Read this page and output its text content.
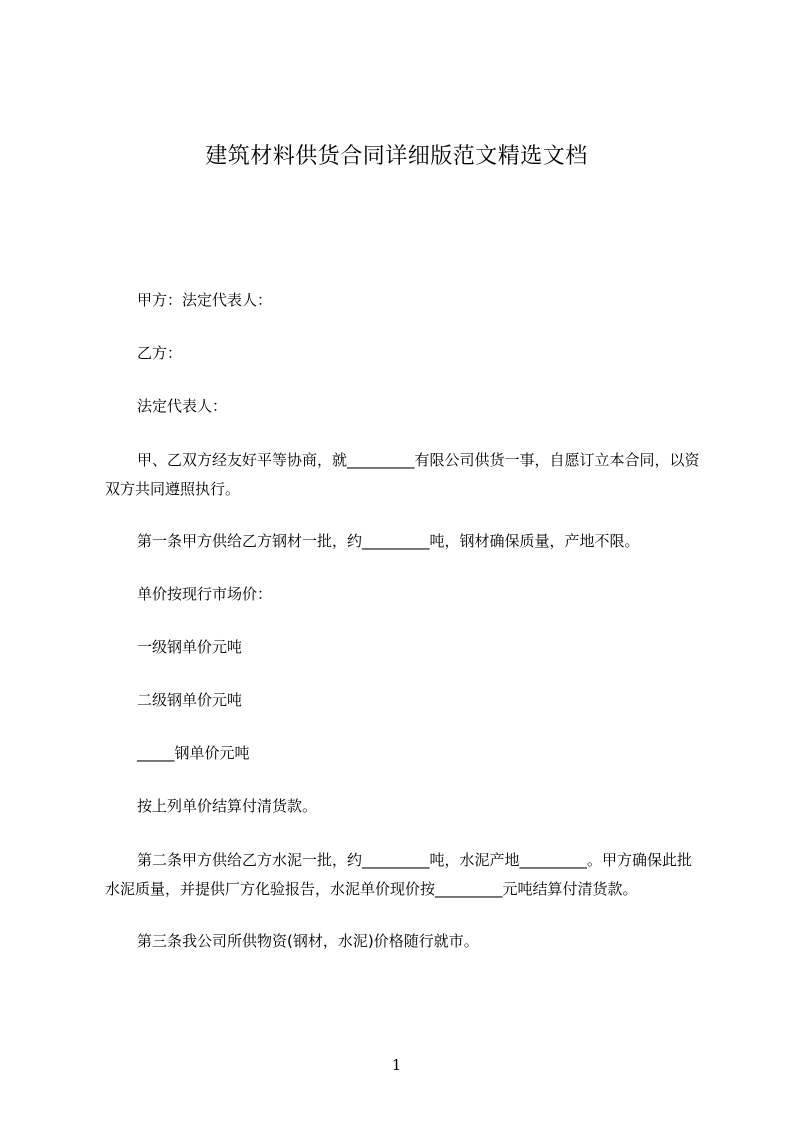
建筑材料供货合同详细版范文精选文档

甲方：法定代表人：

乙方：

法定代表人：

甲、乙双方经友好平等协商，就_________有限公司供货一事，自愿订立本合同，以资双方共同遵照执行。

第一条甲方供给乙方钢材一批，约_________吨，钢材确保质量，产地不限。

单价按现行市场价：

一级钢单价元吨

二级钢单价元吨

_____钢单价元吨

按上列单价结算付清货款。

第二条甲方供给乙方水泥一批，约_________吨，水泥产地_________。甲方确保此批水泥质量，并提供厂方化验报告，水泥单价现价按_________元吨结算付清货款。

第三条我公司所供物资(钢材，水泥)价格随行就市。

1
